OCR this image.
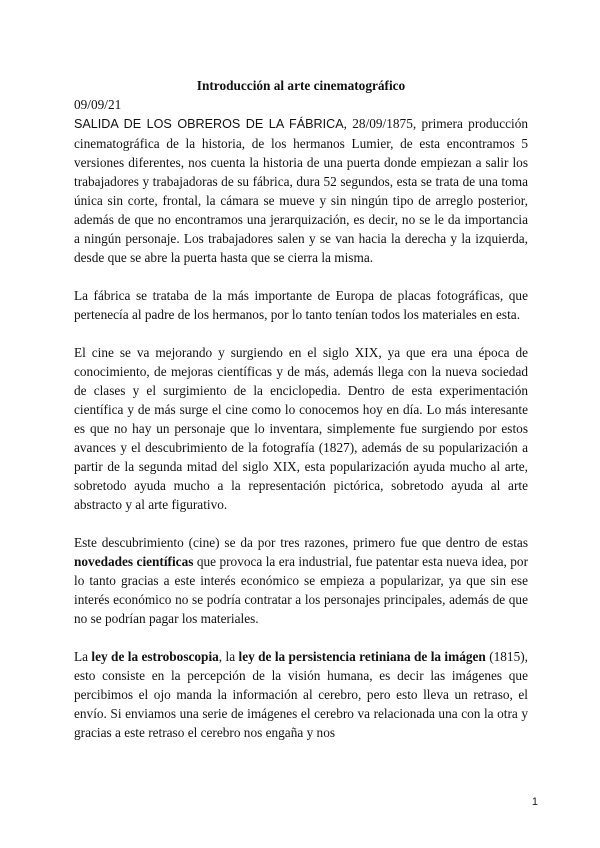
Introducción al arte cinematográfico

09/09/21

SALIDA DE LOS OBREROS DE LA FÁBRICA, 28/09/1875, primera producción cinematográfica de la historia, de los hermanos Lumier, de esta encontramos 5 versiones diferentes, nos cuenta la historia de una puerta donde empiezan a salir los trabajadores y trabajadoras de su fábrica, dura 52 segundos, esta se trata de una toma única sin corte, frontal, la cámara se mueve y sin ningún tipo de arreglo posterior, además de que no encontramos una jerarquización, es decir, no se le da importancia a ningún personaje. Los trabajadores salen y se van hacia la derecha y la izquierda, desde que se abre la puerta hasta que se cierra la misma.

La fábrica se trataba de la más importante de Europa de placas fotográficas, que pertenecía al padre de los hermanos, por lo tanto tenían todos los materiales en esta.

El cine se va mejorando y surgiendo en el siglo XIX, ya que era una época de conocimiento, de mejoras científicas y de más, además llega con la nueva sociedad de clases y el surgimiento de la enciclopedia. Dentro de esta experimentación científica y de más surge el cine como lo conocemos hoy en día. Lo más interesante es que no hay un personaje que lo inventara, simplemente fue surgiendo por estos avances y el descubrimiento de la fotografía (1827), además de su popularización a partir de la segunda mitad del siglo XIX, esta popularización ayuda mucho al arte, sobretodo ayuda mucho a la representación pictórica, sobretodo ayuda al arte abstracto y al arte figurativo.

Este descubrimiento (cine) se da por tres razones, primero fue que dentro de estas novedades científicas que provoca la era industrial, fue patentar esta nueva idea, por lo tanto gracias a este interés económico se empieza a popularizar, ya que sin ese interés económico no se podría contratar a los personajes principales, además de que no se podrían pagar los materiales.

La ley de la estroboscopia, la ley de la persistencia retiniana de la imágen (1815), esto consiste en la percepción de la visión humana, es decir las imágenes que percibimos el ojo manda la información al cerebro, pero esto lleva un retraso, el envío. Si enviamos una serie de imágenes el cerebro va relacionada una con la otra y gracias a este retraso el cerebro nos engaña y nos

1
